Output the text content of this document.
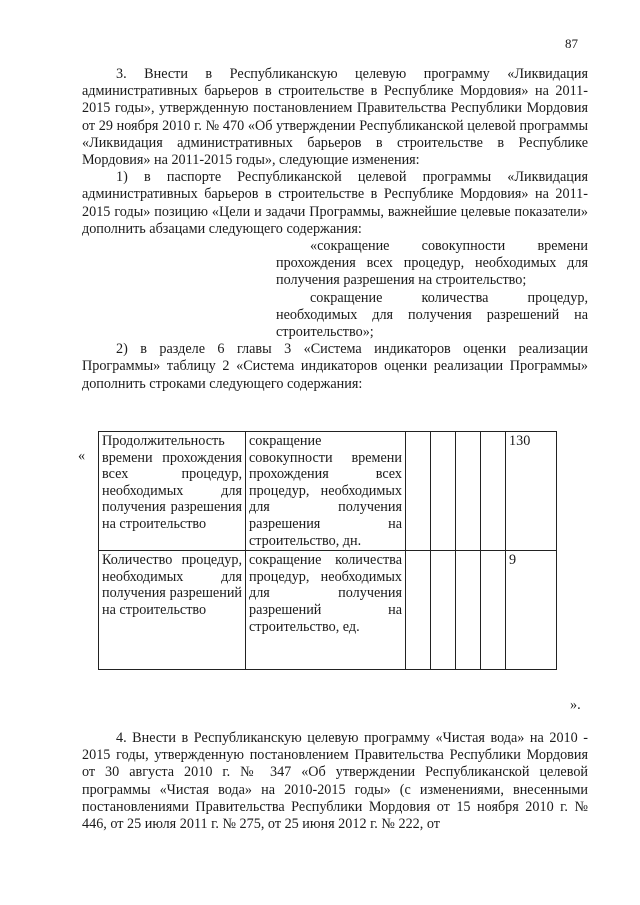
87

3. Внести в Республиканскую целевую программу «Ликвидация административных барьеров в строительстве в Республике Мордовия» на 2011-2015 годы», утвержденную постановлением Правительства Республики Мордовия от 29 ноября 2010 г. № 470 «Об утверждении Республиканской целевой программы «Ликвидация административных барьеров в строительстве в Республике Мордовия» на 2011-2015 годы», следующие изменения:

1) в паспорте Республиканской целевой программы «Ликвидация административных барьеров в строительстве в Республике Мордовия» на 2011-2015 годы» позицию «Цели и задачи Программы, важнейшие целевые показатели» дополнить абзацами следующего содержания:

«сокращение совокупности времени прохождения всех процедур, необходимых для получения разрешения на строительство;

сокращение количества процедур, необходимых для получения разрешений на строительство»;

2) в разделе 6 главы 3 «Система индикаторов оценки реализации Программы» таблицу 2 «Система индикаторов оценки реализации Программы» дополнить строками следующего содержания:

«
Продолжительность времени прохождения всех процедур, необходимых для получения разрешения на строительство	сокращение совокупности времени прохождения всех процедур, необходимых для получения разрешения на строительство, дн.					130
Количество процедур, необходимых для получения разрешений на строительство	сокращение количества процедур, необходимых для получения разрешений на строительство, ед.					9
».

4. Внести в Республиканскую целевую программу «Чистая вода» на 2010 - 2015 годы, утвержденную постановлением Правительства Республики Мордовия от 30 августа 2010 г. № 347 «Об утверждении Республиканской целевой программы «Чистая вода» на 2010-2015 годы» (с изменениями, внесенными постановлениями Правительства Республики Мордовия от 15 ноября 2010 г. № 446, от 25 июля 2011 г. № 275, от 25 июня 2012 г. № 222, от
